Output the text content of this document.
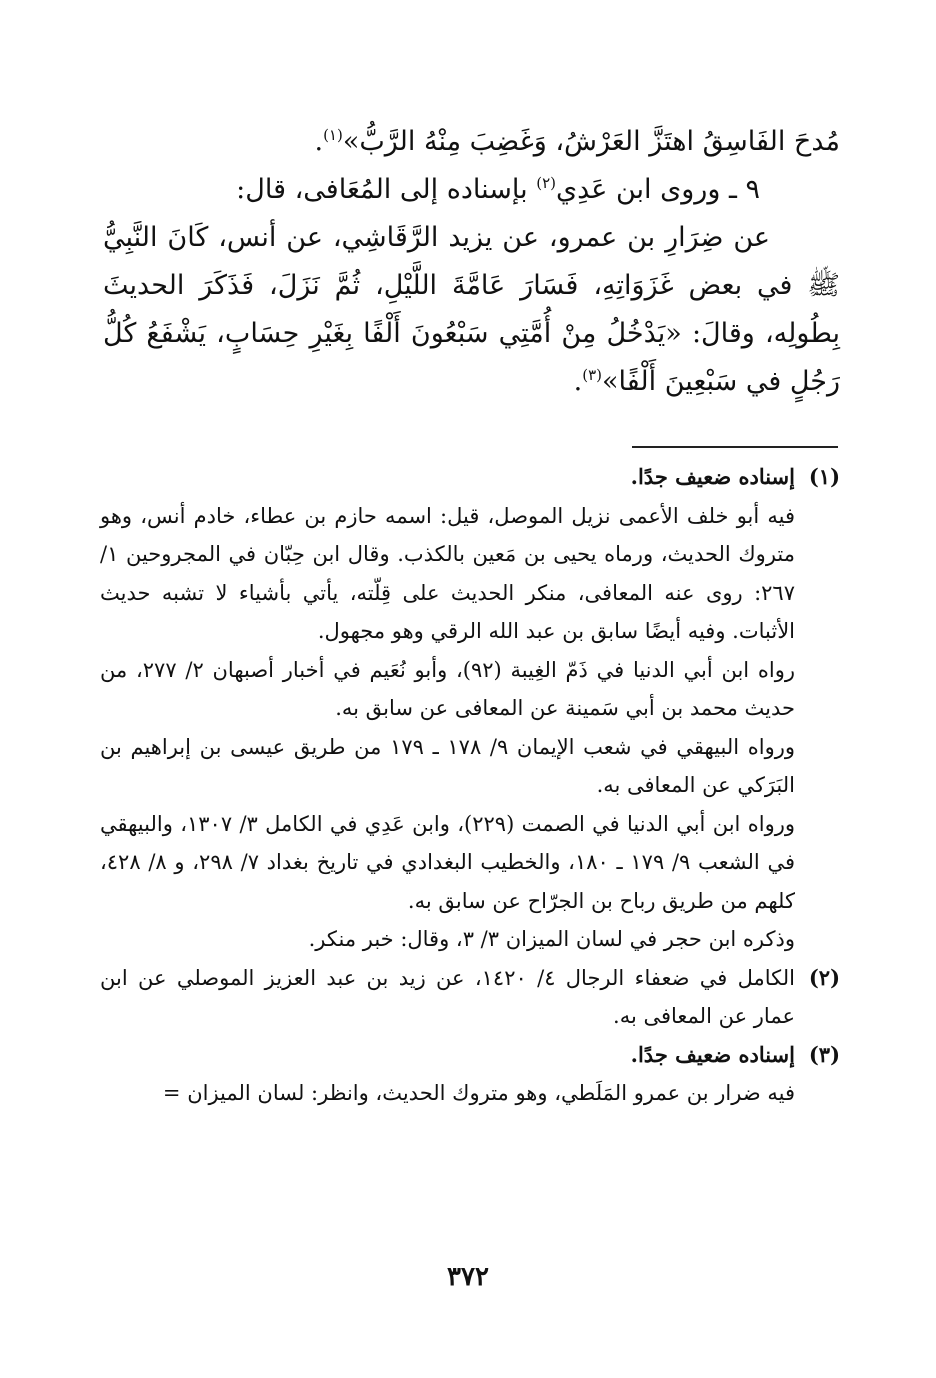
مُدحَ الفَاسِقُ اهتَزَّ العَرْشُ، وَغَضِبَ مِنْهُ الرَّبُّ»$^{(١)}$.

٩ ـ وروى ابن عَدِي$^{(٢)}$ بإسناده إلى المُعَافى، قال:

عن ضِرَارِ بن عمرو، عن يزيد الرَّقَاشِي، عن أنس، كَانَ النَّبِيُّ ﷺ في بعض غَزَوَاتِهِ، فَسَارَ عَامَّةَ اللَّيْلِ، ثُمَّ نَزَلَ، فَذَكَرَ الحديثَ بِطُولِه، وقالَ: «يَدْخُلُ مِنْ أُمَّتِي سَبْعُونَ أَلْفًا بِغَيْرِ حِسَابٍ، يَشْفَعُ كُلُّ رَجُلٍ في سَبْعِينَ أَلْفًا»$^{(٣)}$.

(١)
إسناده ضعيف جدًا.

فيه أبو خلف الأعمى نزيل الموصل، قيل: اسمه حازم بن عطاء، خادم أنس، وهو متروك الحديث، ورماه يحيى بن مَعين بالكذب. وقال ابن حِبّان في المجروحين ١/ ٢٦٧: روى عنه المعافى، منكر الحديث على قِلّته، يأتي بأشياء لا تشبه حديث الأثبات. وفيه أيضًا سابق بن عبد الله الرقي وهو مجهول.

رواه ابن أبي الدنيا في ذَمّ الغِيبة (٩٢)، وأبو نُعَيم في أخبار أصبهان ٢/ ٢٧٧، من حديث محمد بن أبي سَمينة عن المعافى عن سابق به.

ورواه البيهقي في شعب الإيمان ٩/ ١٧٨ ـ ١٧٩ من طريق عيسى بن إبراهيم بن البَرَكي عن المعافى به.

ورواه ابن أبي الدنيا في الصمت (٢٢٩)، وابن عَدِي في الكامل ٣/ ١٣٠٧، والبيهقي في الشعب ٩/ ١٧٩ ـ ١٨٠، والخطيب البغدادي في تاريخ بغداد ٧/ ٢٩٨، و ٨/ ٤٢٨، كلهم من طريق رباح بن الجرّاح عن سابق به.

وذكره ابن حجر في لسان الميزان ٣/ ٣، وقال: خبر منكر.

(٢)

الكامل في ضعفاء الرجال ٤/ ١٤٢٠، عن زيد بن عبد العزيز الموصلي عن ابن عمار عن المعافى به.

(٣)
إسناده ضعيف جدًا.

فيه ضرار بن عمرو المَلَطي، وهو متروك الحديث، وانظر: لسان الميزان =

٣٧٢
